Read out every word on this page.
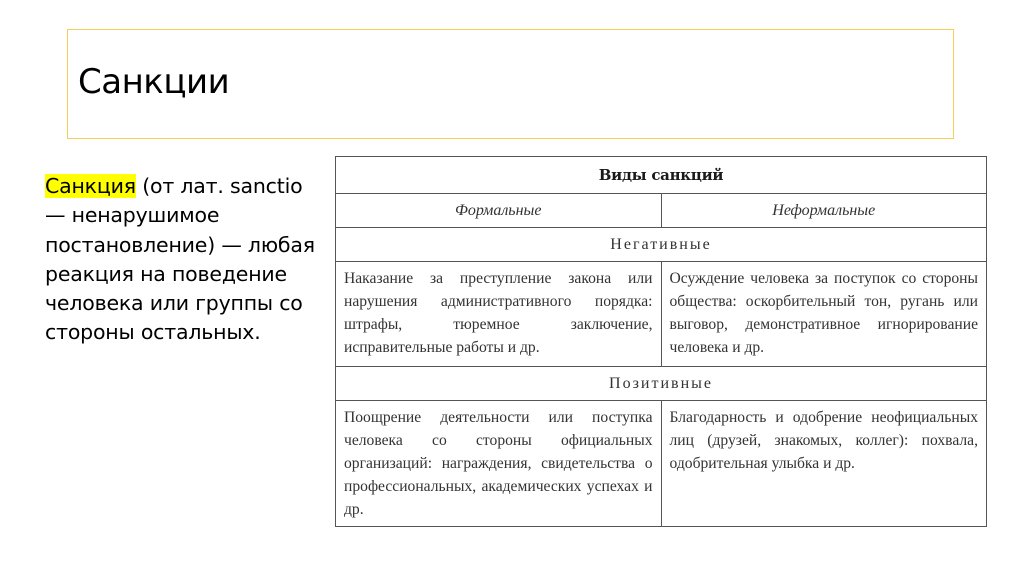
Санкции
Санкция (от лат. sanctio — ненарушимое постановление) — любая реакция на поведение человека или группы со стороны остальных.
Виды санкций	
Формальные	Неформальные
Негативные	

Наказание за преступление закона или нарушения административного порядка: штрафы, тюремное заключение, исправительные работы и др.	Осуждение человека за поступок со стороны общества: оскорбительный тон, ругань или выговор, демонстративное игнорирование человека и др.

Позитивные	

Поощрение деятельности или поступка человека со стороны официальных организаций: награждения, свидетельства о профессиональных, академических успехах и др.	Благодарность и одобрение неофициальных лиц (друзей, знакомых, коллег): похвала, одобрительная улыбка и др.
